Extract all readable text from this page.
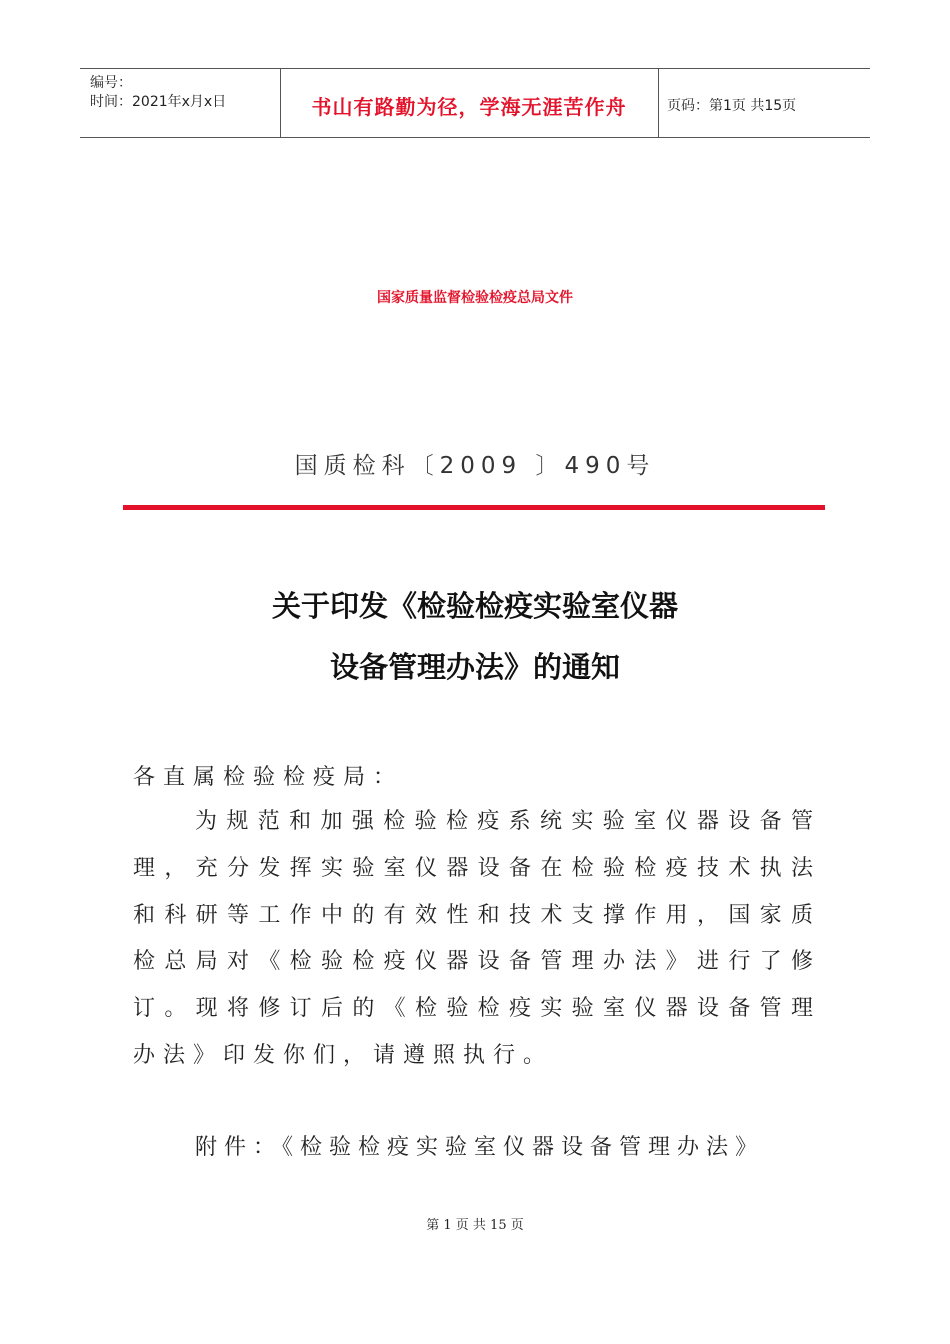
编号：
时间：2021年x月x日	书山有路勤为径，学海无涯苦作舟	页码：第1页 共15页
国家质量监督检验检疫总局文件
国质检科〔2009 〕490号
关于印发《检验检疫实验室仪器
设备管理办法》的通知
各直属检验检疫局：
为规范和加强检验检疫系统实验室仪器设备管
理，充分发挥实验室仪器设备在检验检疫技术执法
和科研等工作中的有效性和技术支撑作用，国家质
检总局对《检验检疫仪器设备管理办法》进行了修
订。现将修订后的《检验检疫实验室仪器设备管理
办法》印发你们，请遵照执行。
附件：《检验检疫实验室仪器设备管理办法》
第 1 页 共 15 页
